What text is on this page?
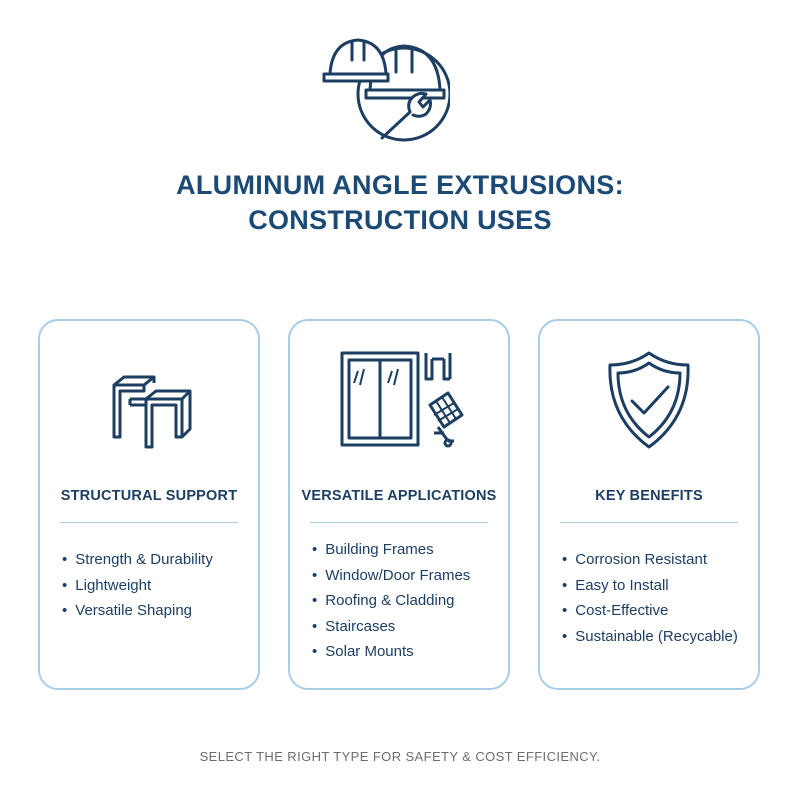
ALUMINUM ANGLE EXTRUSIONS:
CONSTRUCTION USES
STRUCTURAL SUPPORT
• Strength & Durability
• Lightweight
• Versatile Shaping
VERSATILE APPLICATIONS
• Building Frames
• Window/Door Frames
• Roofing & Cladding
• Staircases
• Solar Mounts
KEY BENEFITS
• Corrosion Resistant
• Easy to Install
• Cost-Effective
• Sustainable (Recycable)
SELECT THE RIGHT TYPE FOR SAFETY & COST EFFICIENCY.
